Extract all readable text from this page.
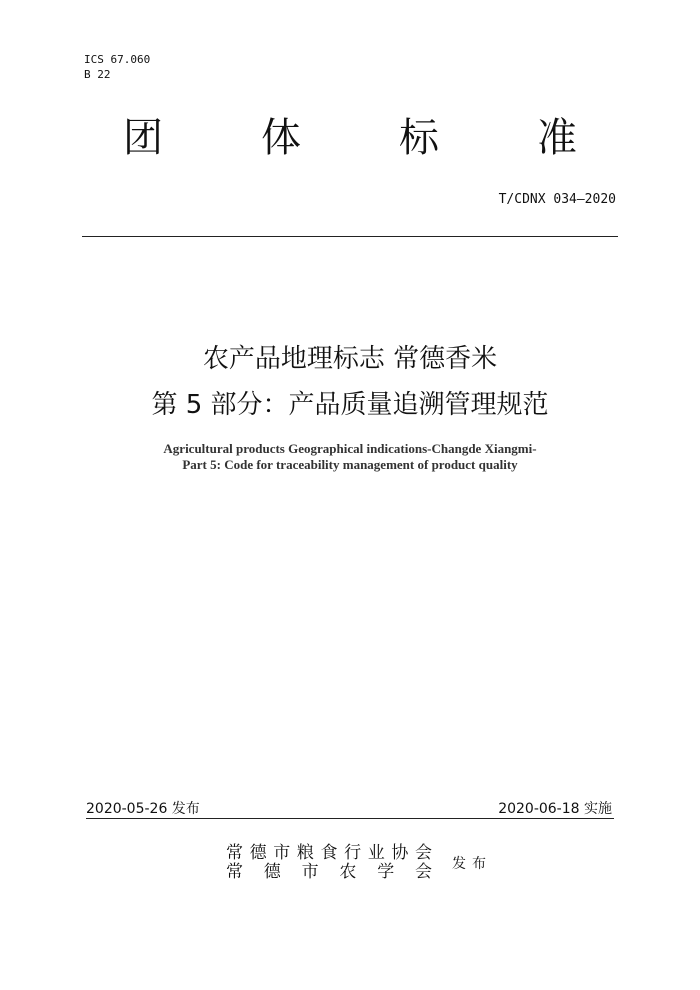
ICS 67.060
B 22
团 体 标 准
T/CDNX 034—2020
农产品地理标志 常德香米
第 5 部分：产品质量追溯管理规范
Agricultural products Geographical indications-Changde Xiangmi-
Part 5: Code for traceability management of product quality
2020-05-26 发布	2020-06-18 实施
常 德 市 粮 食 行 业 协 会
常 德 市 农 学 会 发布
